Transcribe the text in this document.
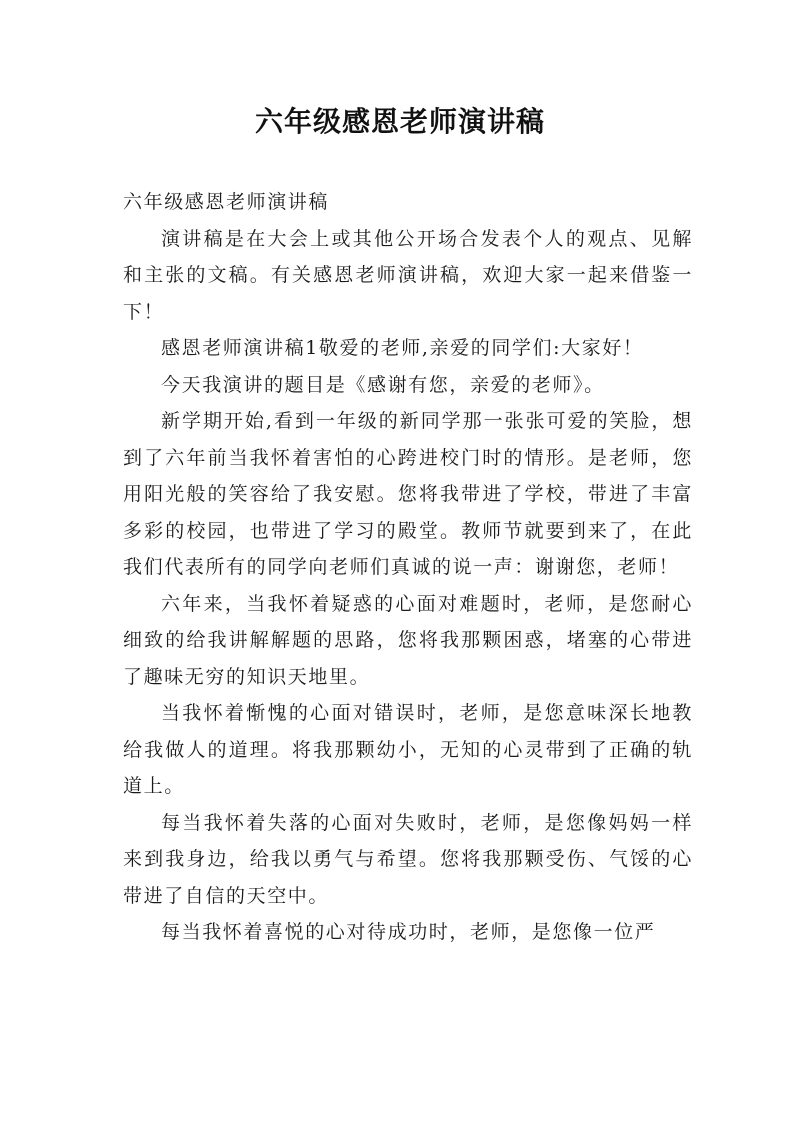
六年级感恩老师演讲稿

六年级感恩老师演讲稿

演讲稿是在大会上或其他公开场合发表个人的观点、见解和主张的文稿。有关感恩老师演讲稿，欢迎大家一起来借鉴一下！

感恩老师演讲稿1敬爱的老师,亲爱的同学们:大家好！

今天我演讲的题目是《感谢有您，亲爱的老师》。

新学期开始,看到一年级的新同学那一张张可爱的笑脸，想到了六年前当我怀着害怕的心跨进校门时的情形。是老师，您用阳光般的笑容给了我安慰。您将我带进了学校，带进了丰富多彩的校园，也带进了学习的殿堂。教师节就要到来了，在此我们代表所有的同学向老师们真诚的说一声：谢谢您，老师！

六年来，当我怀着疑惑的心面对难题时，老师，是您耐心细致的给我讲解解题的思路，您将我那颗困惑，堵塞的心带进了趣味无穷的知识天地里。

当我怀着惭愧的心面对错误时，老师，是您意味深长地教给我做人的道理。将我那颗幼小，无知的心灵带到了正确的轨道上。

每当我怀着失落的心面对失败时，老师，是您像妈妈一样来到我身边，给我以勇气与希望。您将我那颗受伤、气馁的心带进了自信的天空中。

每当我怀着喜悦的心对待成功时，老师，是您像一位严
